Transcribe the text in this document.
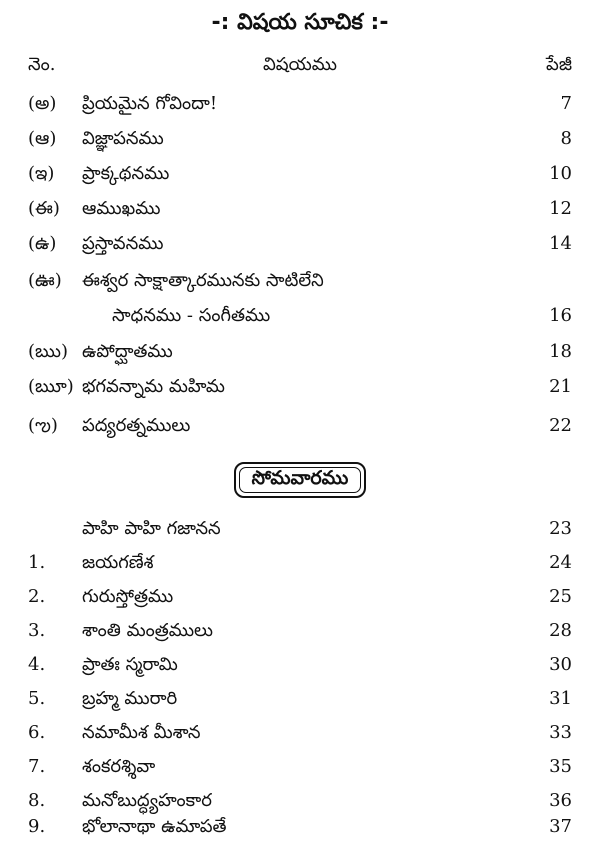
-: విషయ సూచిక :-
నెం.	విషయము	పేజీ
(అ) ప్రియమైన గోవిందా!	7
(ఆ) విజ్ఞాపనము	8
(ఇ) ప్రాక్కథనము	10
(ఈ) ఆముఖము	12
(ఉ) ప్రస్తావనము	14
(ఊ) ఈశ్వర సాక్షాత్కారమునకు సాటిలేని
సాధనము - సంగీతము	16
(ఋ) ఉపోద్ఘాతము	18
(ౠ) భగవన్నామ మహిమ	21
(ఌ) పద్యరత్నములు	22
సోమవారము
పాహి పాహి గజానన	23
1. జయగణేశ	24
2. గురుస్తోత్రము	25
3. శాంతి మంత్రములు	28
4. ప్రాతః స్మరామి	30
5. బ్రహ్మ మురారి	31
6. నమామీశ మీశాన	33
7. శంకరశ్శివా	35
8. మనోబుద్ధ్యహంకార	36
9. భోలానాథా ఉమాపతే	37
